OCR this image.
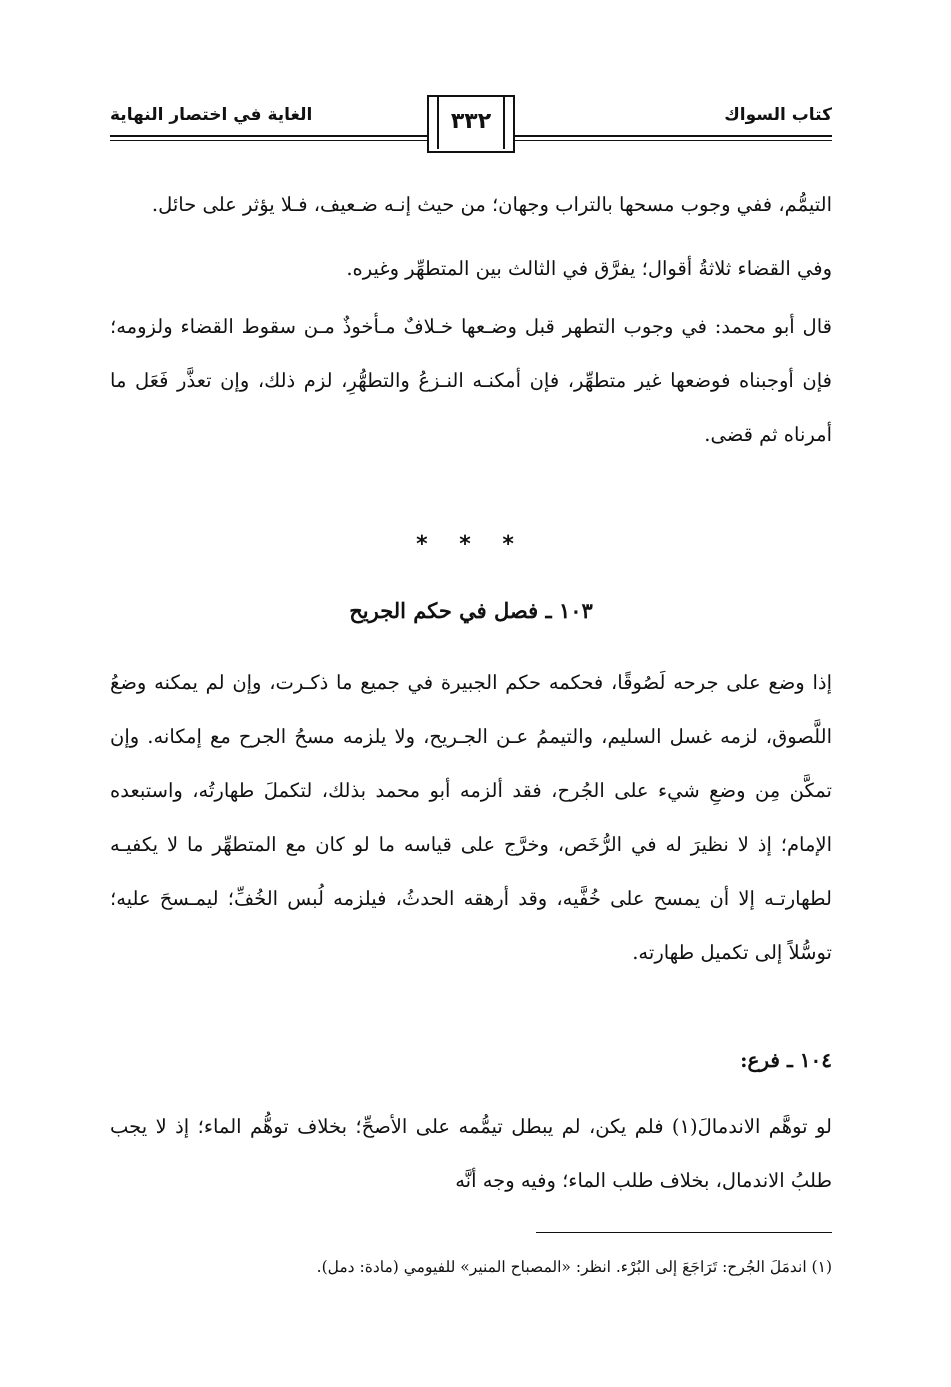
الغاية في اختصار النهاية	كتاب السواك
٣٣٢
التيمُّم، ففي وجوب مسحها بالتراب وجهان؛ من حيث إنـه ضـعيف، فـلا يؤثر على حائل.
وفي القضاء ثلاثةُ أقوال؛ يفرَّق في الثالث بين المتطهِّر وغيره.
قال أبو محمد: في وجوب التطهر قبل وضـعها خـلافٌ مـأخوذٌ مـن سقوط القضاء ولزومه؛ فإن أوجبناه فوضعها غير متطهِّر، فإن أمكنـه النـزعُ والتطهُّرِ، لزم ذلك، وإن تعذَّر فَعَل ما أمرناه ثم قضى.
* * *
١٠٣ ـ فصل في حكم الجريح
إذا وضع على جرحه لَصُوقًا، فحكمه حكم الجبيرة في جميع ما ذكـرت، وإن لم يمكنه وضعُ اللَّصوق، لزمه غسل السليم، والتيممُ عـن الجـريح، ولا يلزمه مسحُ الجرح مع إمكانه. وإن تمكَّن مِن وضعِ شيء على الجُرح، فقد ألزمه أبو محمد بذلك، لتكملَ طهارتُه، واستبعده الإمام؛ إذ لا نظيرَ له في الرُّخَص، وخرَّج على قياسه ما لو كان مع المتطهِّر ما لا يكفيـه لطهارتـه إلا أن يمسح على خُفَّيه، وقد أرهقه الحدثُ، فيلزمه لُبس الخُفِّ؛ ليمـسحَ عليه؛ توسُّلاً إلى تكميل طهارته.
١٠٤ ـ فرع:
لو توهَّم الاندمالَ(١) فلم يكن، لم يبطل تيمُّمه على الأصحِّ؛ بخلاف توهُّم الماء؛ إذ لا يجب طلبُ الاندمال، بخلاف طلب الماء؛ وفيه وجه أنَّه
(١) اندمَلَ الجُرح: تَرَاجَعَ إلى البُرْء. انظر: «المصباح المنير» للفيومي (مادة: دمل).
